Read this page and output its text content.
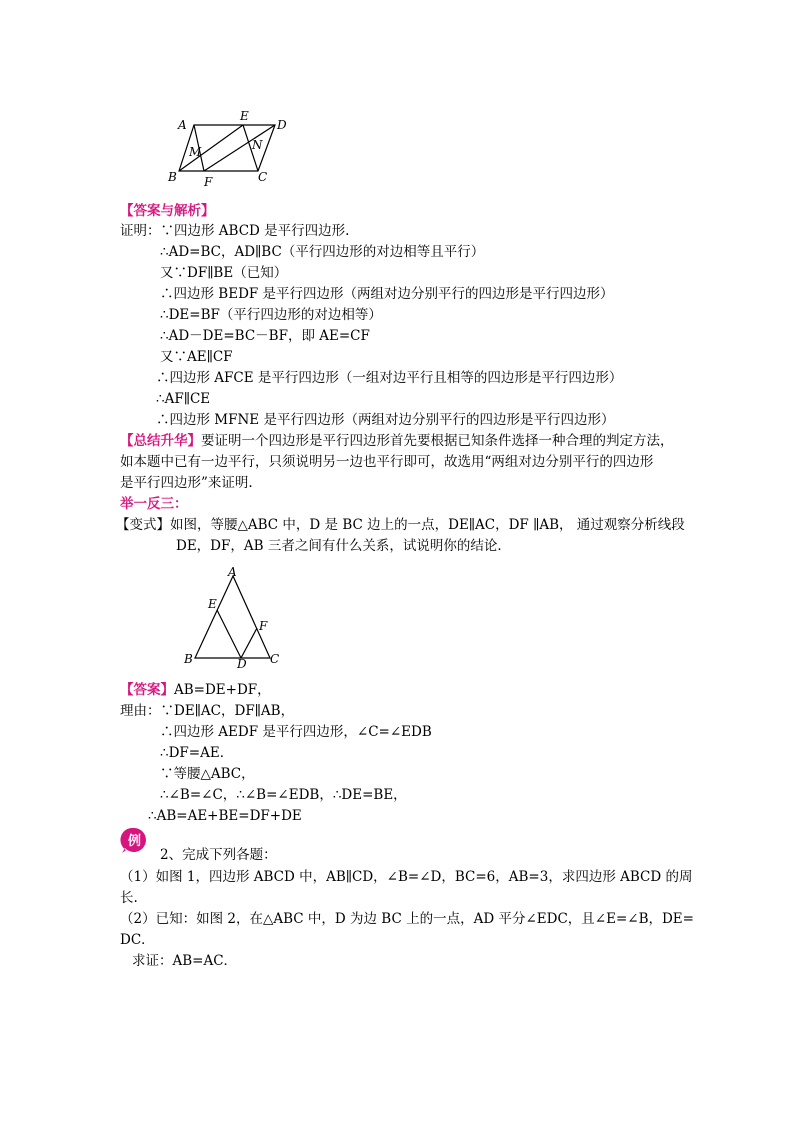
A
E
D
M	N
B F	C
【答案与解析】
证明：∵四边形 ABCD 是平行四边形.
∴AD=BC，AD∥BC（平行四边形的对边相等且平行）
又∵DF∥BE（已知）
∴四边形 BEDF 是平行四边形（两组对边分别平行的四边形是平行四边形）
∴DE=BF（平行四边形的对边相等）
∴AD－DE=BC－BF，即 AE=CF
又∵AE∥CF
∴四边形 AFCE 是平行四边形（一组对边平行且相等的四边形是平行四边形）
∴AF∥CE
∴四边形 MFNE 是平行四边形（两组对边分别平行的四边形是平行四边形）
【总结升华】要证明一个四边形是平行四边形首先要根据已知条件选择一种合理的判定方法，
如本题中已有一边平行，只须说明另一边也平行即可，故选用“两组对边分别平行的四边形
是平行四边形”来证明.
举一反三：
【变式】如图，等腰△ABC 中，D 是 BC 边上的一点，DE∥AC，DF ∥AB， 通过观察分析线段
DE，DF，AB 三者之间有什么关系，试说明你的结论．
A
E
F
B	D C
【答案】AB=DE+DF，
理由：∵DE∥AC，DF∥AB，
∴四边形 AEDF 是平行四边形，∠C=∠EDB
∴DF=AE．
∵等腰△ABC，
∴∠B=∠C，∴∠B=∠EDB，∴DE=BE，
∴AB=AE+BE=DF+DE
例
2、完成下列各题：
（1）如图 1，四边形 ABCD 中，AB∥CD，∠B=∠D，BC=6，AB=3，求四边形 ABCD 的周
长.
（2）已知：如图 2，在△ABC 中，D 为边 BC 上的一点，AD 平分∠EDC，且∠E=∠B，DE=
DC．
求证：AB=AC．
